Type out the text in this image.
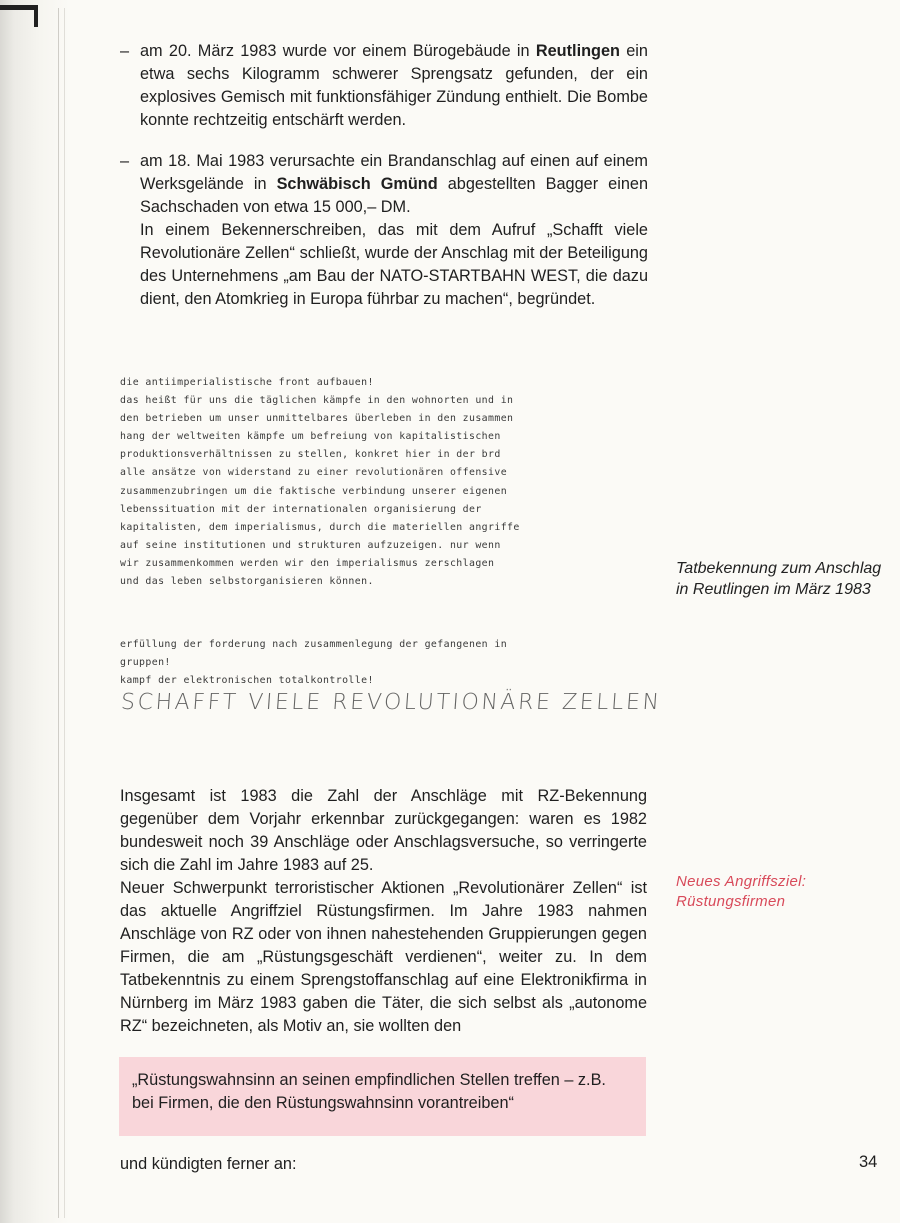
– am 20. März 1983 wurde vor einem Bürogebäude in Reutlingen ein etwa sechs Kilogramm schwerer Sprengsatz gefunden, der ein explosives Gemisch mit funktionsfähiger Zündung enthielt. Die Bombe konnte rechtzeitig entschärft werden.
– am 18. Mai 1983 verursachte ein Brandanschlag auf einen auf einem Werksgelände in Schwäbisch Gmünd abgestellten Bagger einen Sachschaden von etwa 15 000,– DM.
In einem Bekennerschreiben, das mit dem Aufruf „Schafft viele Revolutionäre Zellen“ schließt, wurde der Anschlag mit der Beteiligung des Unternehmens „am Bau der NATO-STARTBAHN WEST, die dazu dient, den Atomkrieg in Europa führbar zu machen“, begründet.
die antiimperialistische front aufbauen!
das heißt für uns die täglichen kämpfe in den wohnorten und in
den betrieben um unser unmittelbares überleben in den zusammen
hang der weltweiten kämpfe um befreiung von kapitalistischen
produktionsverhältnissen zu stellen, konkret hier in der brd
alle ansätze von widerstand zu einer revolutionären offensive
zusammenzubringen um die faktische verbindung unserer eigenen
lebenssituation mit der internationalen organisierung der
kapitalisten, dem imperialismus, durch die materiellen angriffe
auf seine institutionen und strukturen aufzuzeigen. nur wenn
wir zusammenkommen werden wir den imperialismus zerschlagen
und das leben selbstorganisieren können.
erfüllung der forderung nach zusammenlegung der gefangenen in
gruppen!
kampf der elektronischen totalkontrolle!
SCHAFFT VIELE REVOLUTIONÄRE ZELLEN
Tatbekennung zum Anschlag in Reutlingen im März 1983
Neues Angriffsziel: Rüstungsfirmen
Insgesamt ist 1983 die Zahl der Anschläge mit RZ-Bekennung gegenüber dem Vorjahr erkennbar zurückgegangen: waren es 1982 bundesweit noch 39 Anschläge oder Anschlagsversuche, so verringerte sich die Zahl im Jahre 1983 auf 25.
Neuer Schwerpunkt terroristischer Aktionen „Revolutionärer Zellen“ ist das aktuelle Angriffziel Rüstungsfirmen. Im Jahre 1983 nahmen Anschläge von RZ oder von ihnen nahestehenden Gruppierungen gegen Firmen, die am „Rüstungsgeschäft verdienen“, weiter zu. In dem Tatbekenntnis zu einem Sprengstoffanschlag auf eine Elektronikfirma in Nürnberg im März 1983 gaben die Täter, die sich selbst als „autonome RZ“ bezeichneten, als Motiv an, sie wollten den
„Rüstungswahnsinn an seinen empfindlichen Stellen treffen – z.B. bei Firmen, die den Rüstungswahnsinn vorantreiben“
und kündigten ferner an:	34
